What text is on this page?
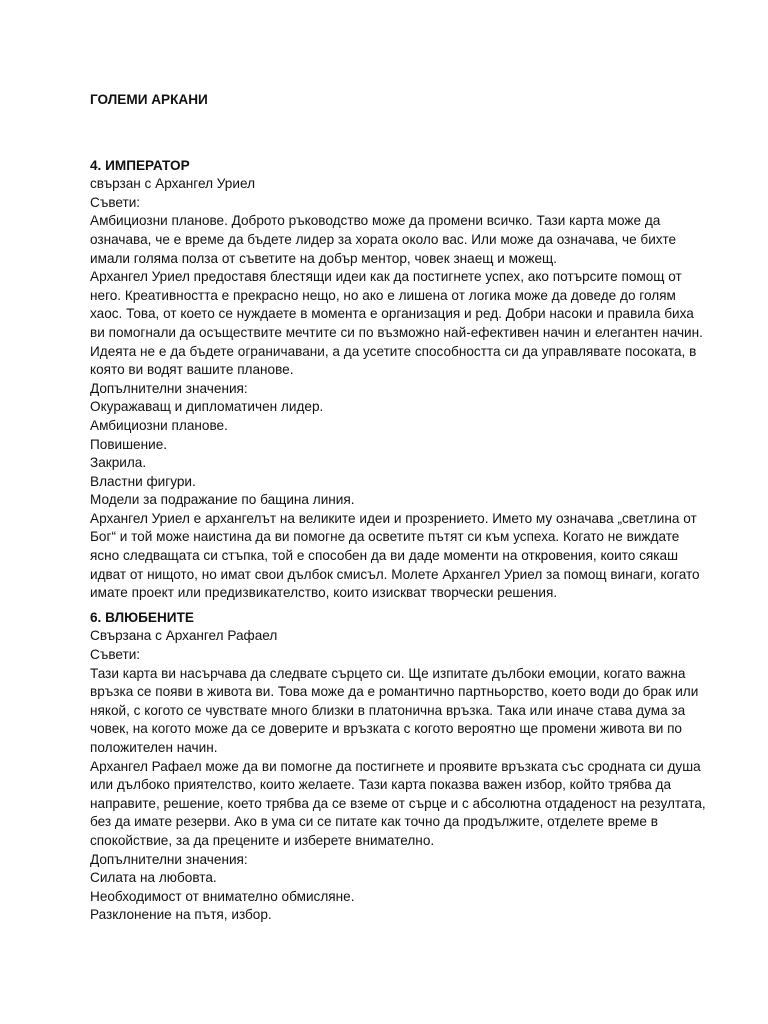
ГОЛЕМИ АРКАНИ

4. ИМПЕРАТОР

свързан с Архангел Уриел

Съвети:

Амбициозни планове. Доброто ръководство може да промени всичко. Тази карта може да означава, че е време да бъдете лидер за хората около вас. Или може да означава, че бихте имали голяма полза от съветите на добър ментор, човек знаещ и можещ.

Архангел Уриел предоставя блестящи идеи как да постигнете успех, ако потърсите помощ от него. Креативността е прекрасно нещо, но ако е лишена от логика може да доведе до голям хаос. Това, от което се нуждаете в момента е организация и ред. Добри насоки и правила биха ви помогнали да осъществите мечтите си по възможно най-ефективен начин и елегантен начин. Идеята не е да бъдете ограничавани, а да усетите способността си да управлявате посоката, в която ви водят вашите планове.

Допълнителни значения:

Окуражаващ и дипломатичен лидер.

Амбициозни планове.

Повишение.

Закрила.

Властни фигури.

Модели за подражание по бащина линия.

Архангел Уриел е архангелът на великите идеи и прозрението. Името му означава „светлина от Бог“ и той може наистина да ви помогне да осветите пътят си към успеха. Когато не виждате ясно следващата си стъпка, той е способен да ви даде моменти на откровения, които сякаш идват от нищото, но имат свои дълбок смисъл. Молете Архангел Уриел за помощ винаги, когато имате проект или предизвикателство, които изискват творчески решения.

6. ВЛЮБЕНИТЕ

Свързана с Архангел Рафаел

Съвети:

Тази карта ви насърчава да следвате сърцето си. Ще изпитате дълбоки емоции, когато важна връзка се появи в живота ви. Това може да е романтично партньорство, което води до брак или някой, с когото се чувствате много близки в платонична връзка. Така или иначе става дума за човек, на когото може да се доверите и връзката с когото вероятно ще промени живота ви по положителен начин.

Архангел Рафаел може да ви помогне да постигнете и проявите връзката със сродната си душа или дълбоко приятелство, които желаете. Тази карта показва важен избор, който трябва да направите, решение, което трябва да се вземе от сърце и с абсолютна отдаденост на резултата, без да имате резерви. Ако в ума си се питате как точно да продължите, отделете време в спокойствие, за да прецените и изберете внимателно.

Допълнителни значения:

Силата на любовта.

Необходимост от внимателно обмисляне.

Разклонение на пътя, избор.
